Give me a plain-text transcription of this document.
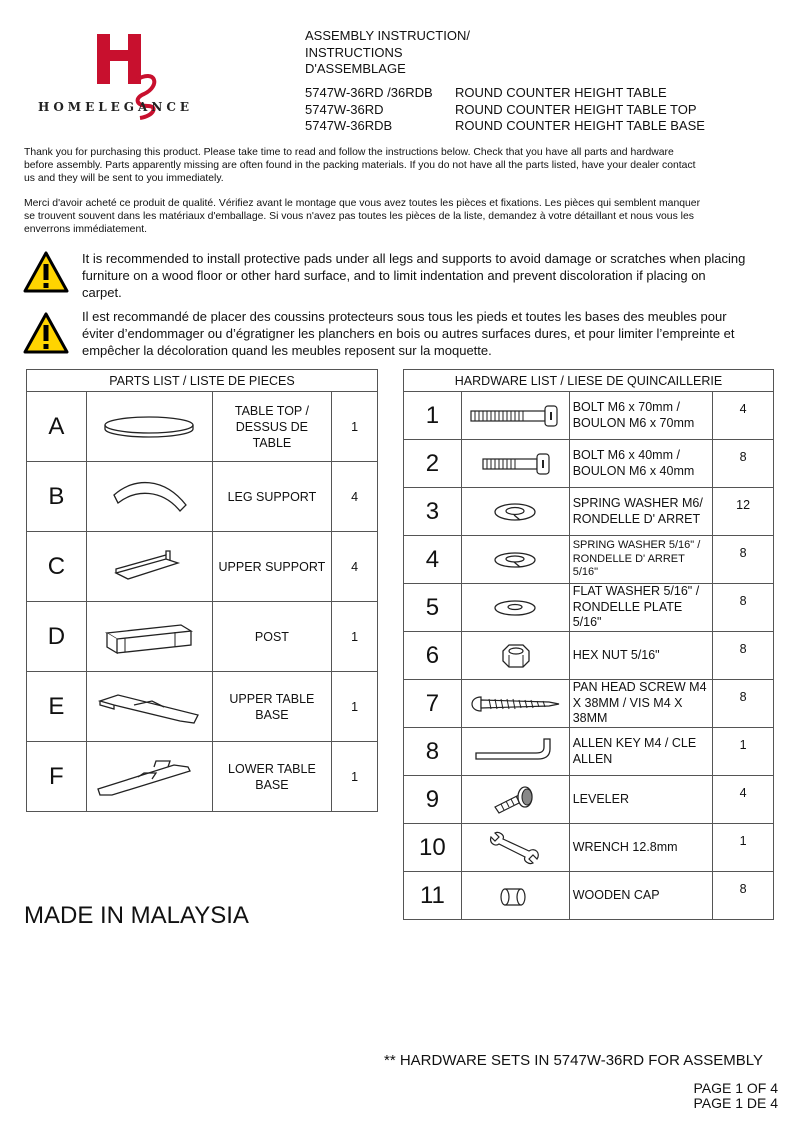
HOMELEGANCE
ASSEMBLY INSTRUCTION/
INSTRUCTIONS
D'ASSEMBLAGE
5747W-36RD /36RDB	ROUND COUNTER HEIGHT TABLE
5747W-36RD	ROUND COUNTER HEIGHT TABLE TOP
5747W-36RDB	ROUND COUNTER HEIGHT TABLE BASE
Thank you for purchasing this product. Please take time to read and follow the instructions below. Check that you have all parts and hardware
before assembly. Parts apparently missing are often found in the packing materials. If you do not have all the parts listed, have your dealer contact
us and they will be sent to you immediately.
Merci d'avoir acheté ce produit de qualité. Vérifiez avant le montage que vous avez toutes les pièces et fixations. Les pièces qui semblent manquer
se trouvent souvent dans les matériaux d'emballage. Si vous n'avez pas toutes les pièces de la liste, demandez à votre détaillant et nous vous les
enverrons immédiatement.
It is recommended to install protective pads under all legs and supports to avoid damage or scratches when placing
furniture on a wood floor or other hard surface, and to limit indentation and prevent discoloration if placing on
carpet.
Il est recommandé de placer des coussins protecteurs sous tous les pieds et toutes les bases des meubles pour
éviter d’endommager ou d’égratigner les planchers en bois ou autres surfaces dures, et pour limiter l’empreinte et
empêcher la décoloration quand les meubles reposent sur la moquette.
PARTS LIST / LISTE DE PIECES			
A		TABLE TOP /
DESSUS DE
TABLE	1
B		LEG SUPPORT	4
C		UPPER SUPPORT	4
D		POST	1
E		UPPER TABLE
BASE	1
F		LOWER TABLE
BASE	1
HARDWARE LIST / LIESE DE QUINCAILLERIE			
1		BOLT M6 x 70mm /
BOULON M6 x 70mm	4
2		BOLT M6 x 40mm /
BOULON M6 x 40mm	8
3		SPRING WASHER M6/
RONDELLE D' ARRET	12
4		SPRING WASHER 5/16" /
RONDELLE D' ARRET
5/16"	8
5		FLAT WASHER 5/16" /
RONDELLE PLATE
5/16"	8
6		HEX NUT 5/16"	8
7		PAN HEAD SCREW M4
X 38MM / VIS M4 X
38MM	8
8		ALLEN KEY M4 / CLE
ALLEN	1
9		LEVELER	4
10		WRENCH 12.8mm	1
11		WOODEN CAP	8
MADE IN MALAYSIA
** HARDWARE SETS IN 5747W-36RD FOR ASSEMBLY
PAGE 1 OF 4
PAGE 1 DE 4
